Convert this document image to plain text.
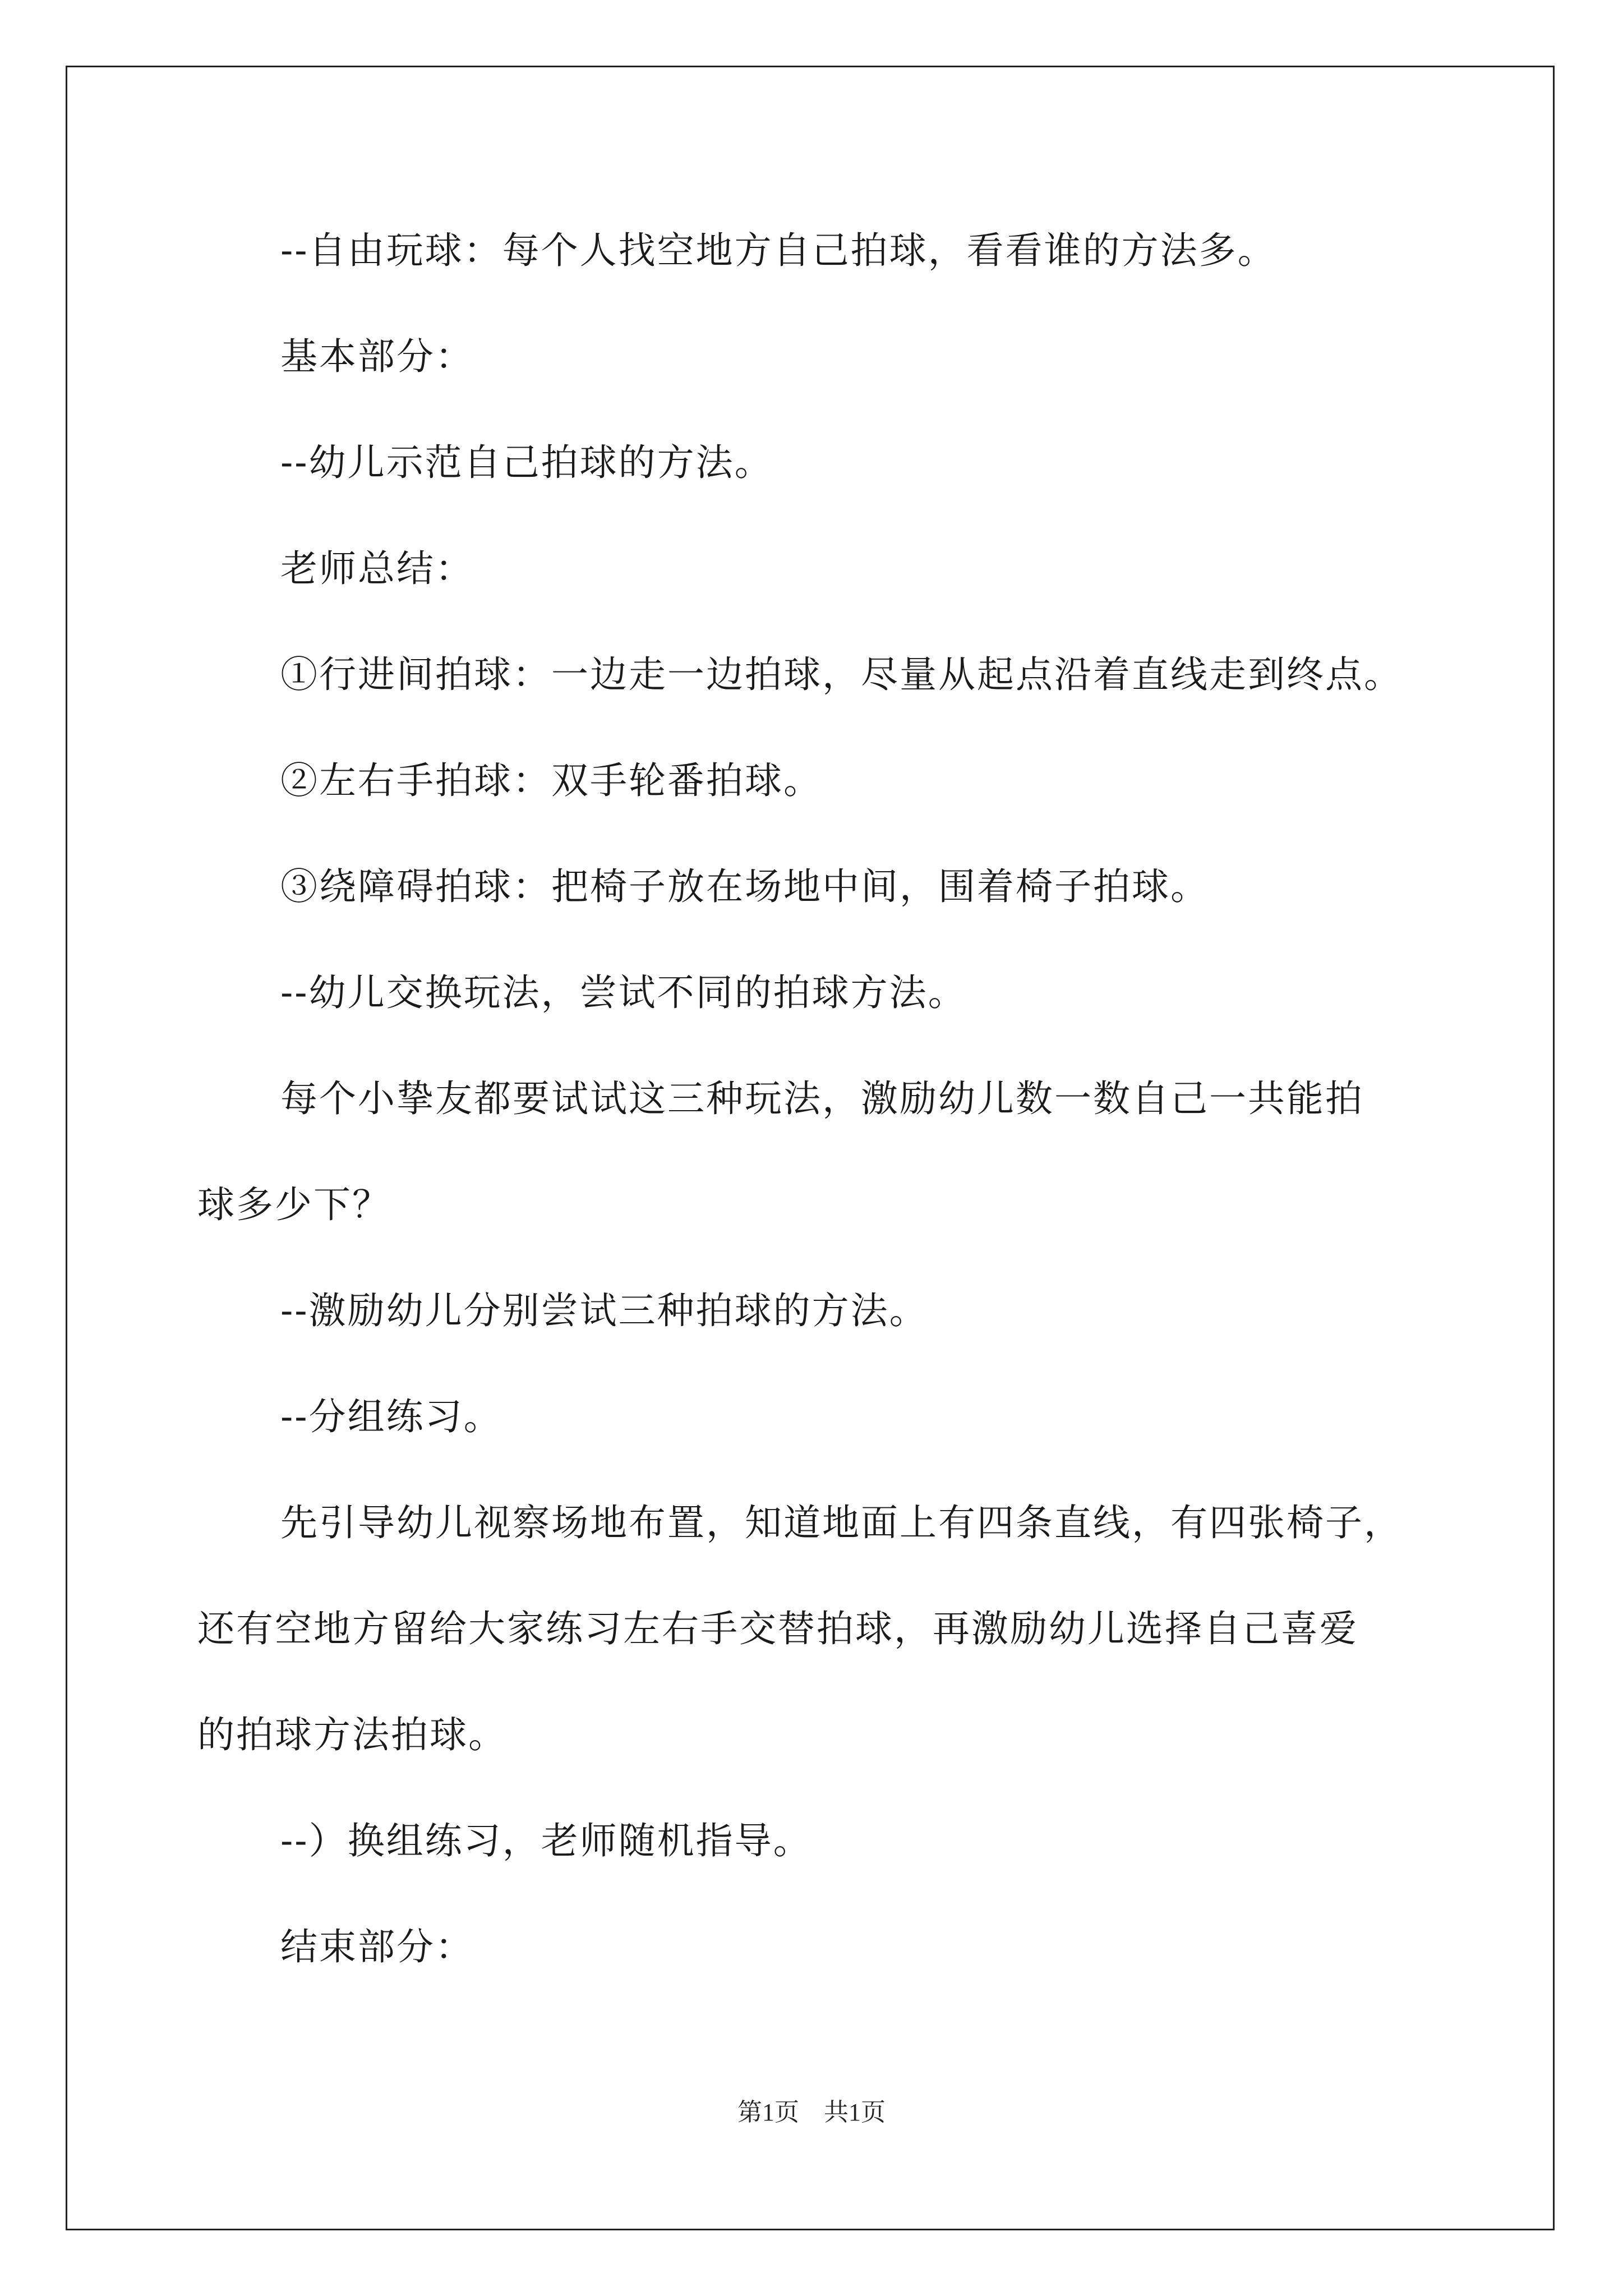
--自由玩球：每个人找空地方自己拍球，看看谁的方法多。
基本部分：
--幼儿示范自己拍球的方法。
老师总结：
①行进间拍球：一边走一边拍球，尽量从起点沿着直线走到终点。
②左右手拍球：双手轮番拍球。
③绕障碍拍球：把椅子放在场地中间，围着椅子拍球。
--幼儿交换玩法，尝试不同的拍球方法。
每个小挚友都要试试这三种玩法，激励幼儿数一数自己一共能拍
球多少下？
--激励幼儿分别尝试三种拍球的方法。
--分组练习。
先引导幼儿视察场地布置，知道地面上有四条直线，有四张椅子，
还有空地方留给大家练习左右手交替拍球，再激励幼儿选择自己喜爱
的拍球方法拍球。
--）换组练习，老师随机指导。
结束部分：
第1页　共1页
